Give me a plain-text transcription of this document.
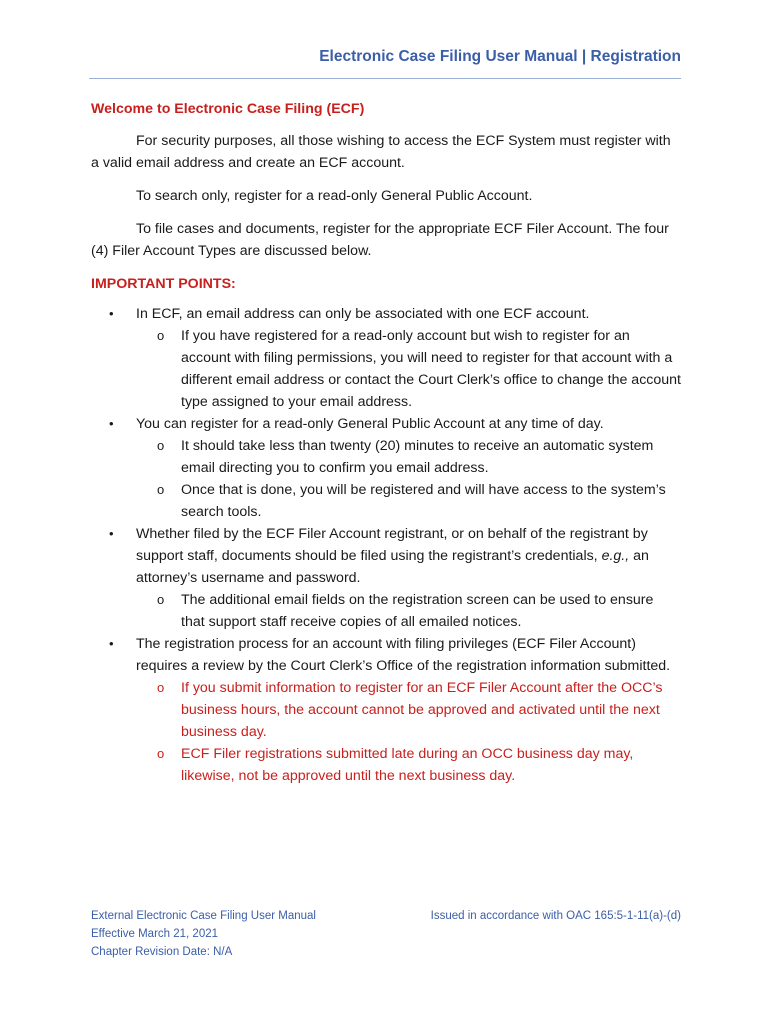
Electronic Case Filing User Manual | Registration
Welcome to Electronic Case Filing (ECF)

For security purposes, all those wishing to access the ECF System must register with a valid email address and create an ECF account.

To search only, register for a read-only General Public Account.

To file cases and documents, register for the appropriate ECF Filer Account. The four (4) Filer Account Types are discussed below.

IMPORTANT POINTS:
• In ECF, an email address can only be associated with one ECF account.
o If you have registered for a read-only account but wish to register for an account with filing permissions, you will need to register for that account with a different email address or contact the Court Clerk’s office to change the account type assigned to your email address.
• You can register for a read-only General Public Account at any time of day.
o It should take less than twenty (20) minutes to receive an automatic system email directing you to confirm you email address.
o Once that is done, you will be registered and will have access to the system’s search tools.
• Whether filed by the ECF Filer Account registrant, or on behalf of the registrant by support staff, documents should be filed using the registrant’s credentials, e.g., an attorney’s username and password.
o The additional email fields on the registration screen can be used to ensure that support staff receive copies of all emailed notices.
• The registration process for an account with filing privileges (ECF Filer Account) requires a review by the Court Clerk’s Office of the registration information submitted.
o If you submit information to register for an ECF Filer Account after the OCC’s business hours, the account cannot be approved and activated until the next business day.
o ECF Filer registrations submitted late during an OCC business day may, likewise, not be approved until the next business day.
External Electronic Case Filing User Manual
Effective March 21, 2021
Chapter Revision Date: N/A
Issued in accordance with OAC 165:5-1-11(a)-(d)
